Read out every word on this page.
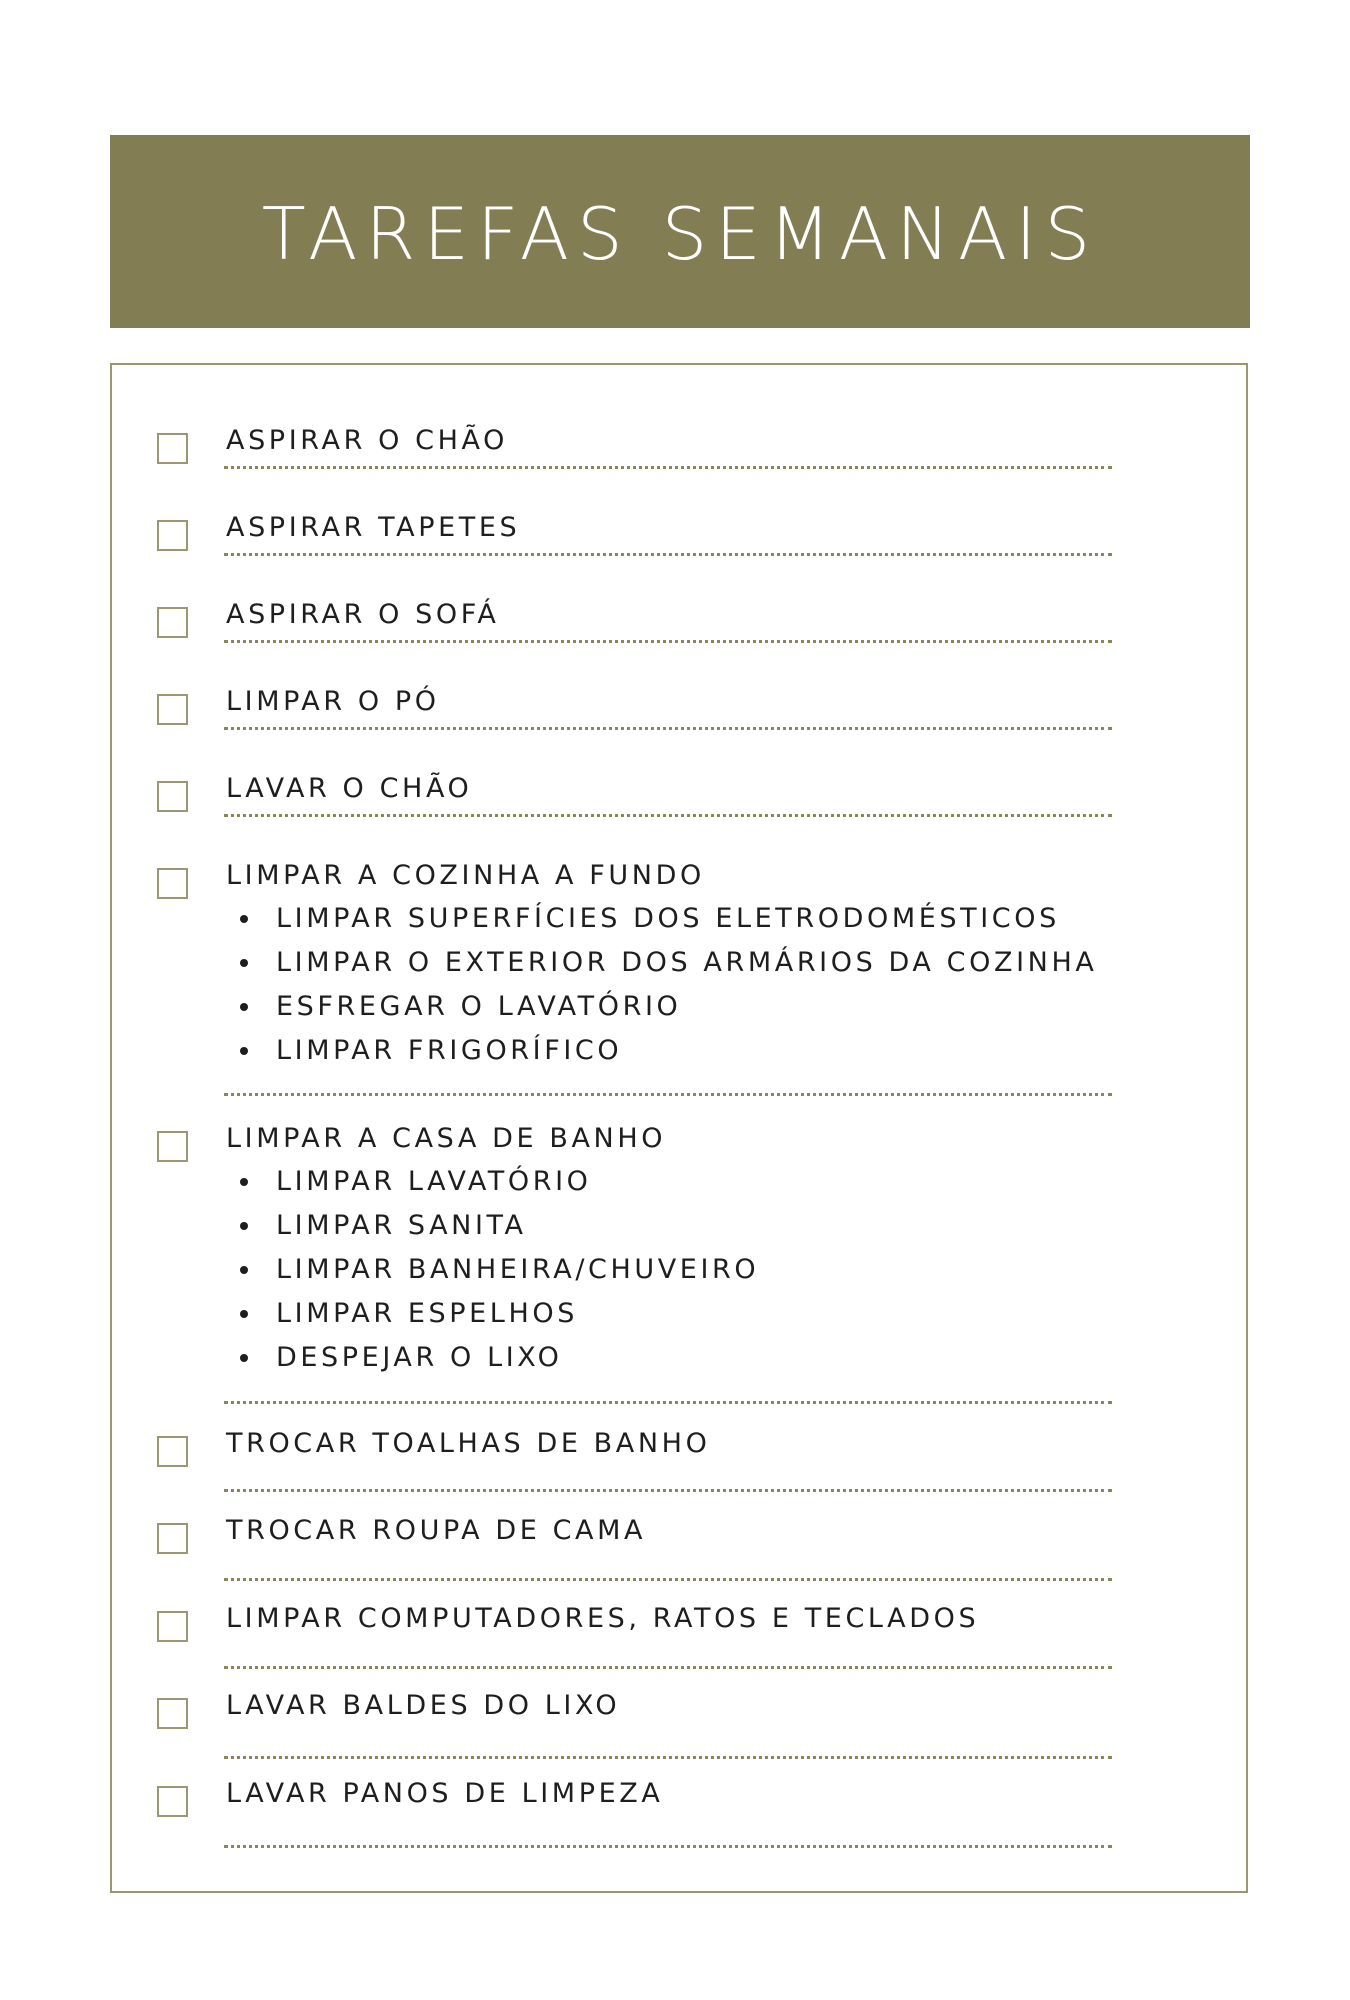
TAREFAS SEMANAIS
ASPIRAR O CHÃO
ASPIRAR TAPETES
ASPIRAR O SOFÁ
LIMPAR O PÓ
LAVAR O CHÃO
LIMPAR A COZINHA A FUNDO
LIMPAR SUPERFÍCIES DOS ELETRODOMÉSTICOS
LIMPAR O EXTERIOR DOS ARMÁRIOS DA COZINHA
ESFREGAR O LAVATÓRIO
LIMPAR FRIGORÍFICO
LIMPAR A CASA DE BANHO
LIMPAR LAVATÓRIO
LIMPAR SANITA
LIMPAR BANHEIRA/CHUVEIRO
LIMPAR ESPELHOS
DESPEJAR O LIXO
TROCAR TOALHAS DE BANHO
TROCAR ROUPA DE CAMA
LIMPAR COMPUTADORES, RATOS E TECLADOS
LAVAR BALDES DO LIXO
LAVAR PANOS DE LIMPEZA
